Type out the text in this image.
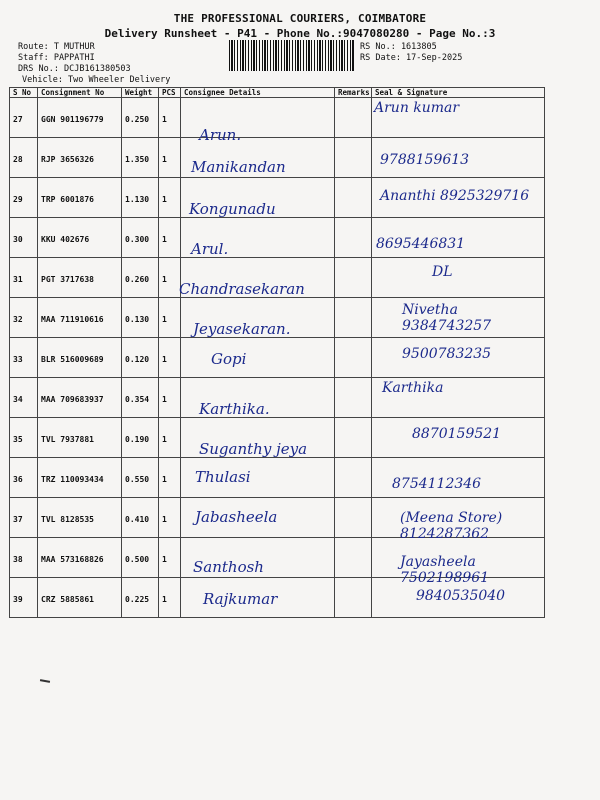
THE PROFESSIONAL COURIERS, COIMBATORE
Delivery Runsheet - P41 - Phone No.:9047080280 - Page No.:3
Route: T MUTHUR
Staff: PAPPATHI
DRS No.: DCJB161380503
Vehicle: Two Wheeler Delivery
RS No.: 1613805
RS Date: 17-Sep-2025
S No	Consignment No	Weight	PCS	Consignee Details	Remarks	Seal & Signature
27	GGN 901196779	0.250	1	Arun.		Arun kumar

28	RJP 3656326	1.350	1	Manikandan		9788159613

29	TRP 6001876	1.130	1	Kongunadu		Ananthi 8925329716

30	KKU 402676	0.300	1	Arul.		8695446831

31	PGT 3717638	0.260	1	Chandrasekaran		DL

32	MAA 711910616	0.130	1	Jeyasekaran.		Nivetha 9384743257

33	BLR 516009689	0.120	1	Gopi		9500783235

34	MAA 709683937	0.354	1	Karthika.		Karthika

35	TVL 7937881	0.190	1	Suganthy jeya		8870159521

36	TRZ 110093434	0.550	1	Thulasi		8754112346

37	TVL 8128535	0.410	1	Jabasheela		(Meena Store) 8124287362

38	MAA 573168826	0.500	1	Santhosh		Jayasheela 7502198961

39	CRZ 5885861	0.225	1	Rajkumar		9840535040
